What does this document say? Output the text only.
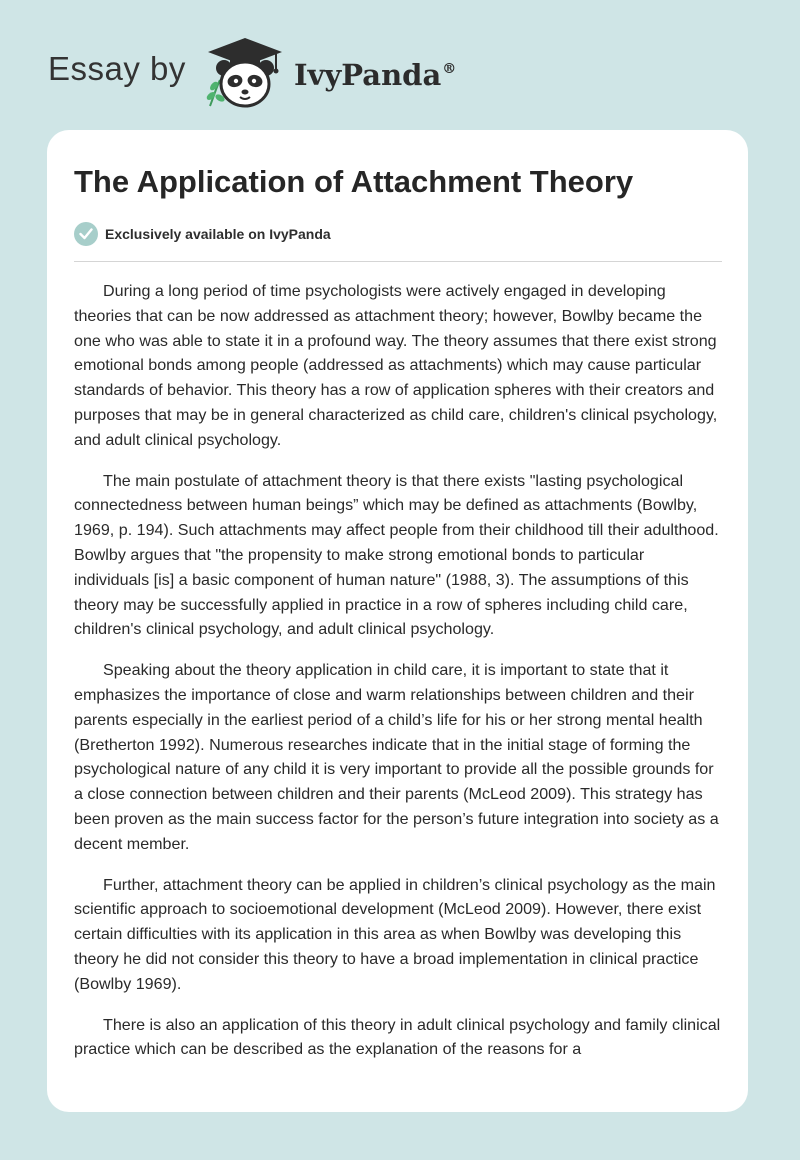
Essay by	IvyPanda®
The Application of Attachment Theory
Exclusively available on IvyPanda

During a long period of time psychologists were actively engaged in developing theories that can be now addressed as attachment theory; however, Bowlby became the one who was able to state it in a profound way. The theory assumes that there exist strong emotional bonds among people (addressed as attachments) which may cause particular standards of behavior. This theory has a row of application spheres with their creators and purposes that may be in general characterized as child care, children's clinical psychology, and adult clinical psychology.

The main postulate of attachment theory is that there exists "lasting psychological connectedness between human beings” which may be defined as attachments (Bowlby, 1969, p. 194). Such attachments may affect people from their childhood till their adulthood. Bowlby argues that "the propensity to make strong emotional bonds to particular individuals [is] a basic component of human nature" (1988, 3). The assumptions of this theory may be successfully applied in practice in a row of spheres including child care, children's clinical psychology, and adult clinical psychology.

Speaking about the theory application in child care, it is important to state that it emphasizes the importance of close and warm relationships between children and their parents especially in the earliest period of a child’s life for his or her strong mental health (Bretherton 1992). Numerous researches indicate that in the initial stage of forming the psychological nature of any child it is very important to provide all the possible grounds for a close connection between children and their parents (McLeod 2009). This strategy has been proven as the main success factor for the person’s future integration into society as a decent member.

Further, attachment theory can be applied in children’s clinical psychology as the main scientific approach to socioemotional development (McLeod 2009). However, there exist certain difficulties with its application in this area as when Bowlby was developing this theory he did not consider this theory to have a broad implementation in clinical practice (Bowlby 1969).

There is also an application of this theory in adult clinical psychology and family clinical practice which can be described as the explanation of the reasons for a
